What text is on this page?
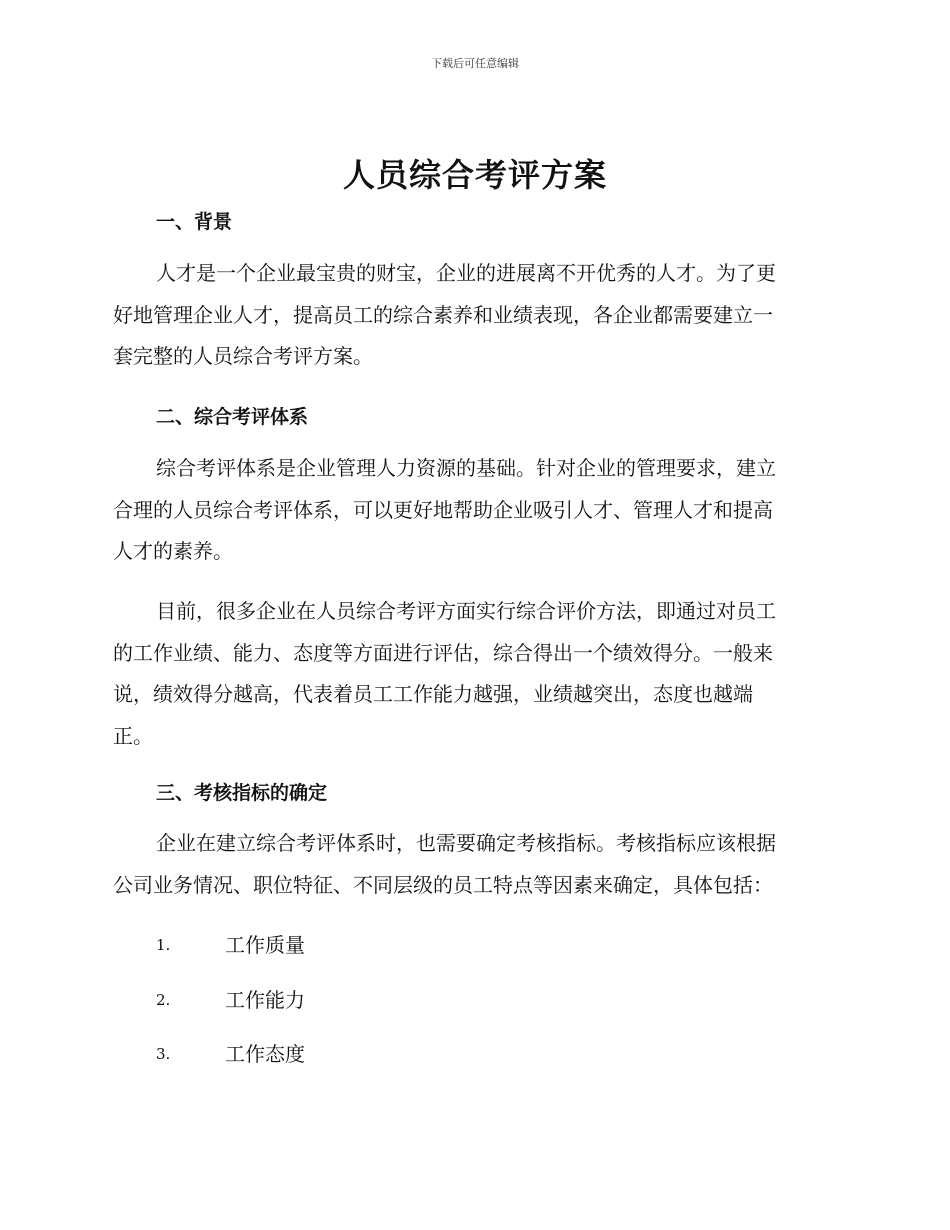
下载后可任意编辑
人员综合考评方案
一、背景
人才是一个企业最宝贵的财宝，企业的进展离不开优秀的人才。为了更
好地管理企业人才，提高员工的综合素养和业绩表现，各企业都需要建立一
套完整的人员综合考评方案。
二、综合考评体系
综合考评体系是企业管理人力资源的基础。针对企业的管理要求，建立
合理的人员综合考评体系，可以更好地帮助企业吸引人才、管理人才和提高
人才的素养。
目前，很多企业在人员综合考评方面实行综合评价方法，即通过对员工
的工作业绩、能力、态度等方面进行评估，综合得出一个绩效得分。一般来
说，绩效得分越高，代表着员工工作能力越强，业绩越突出，态度也越端
正。
三、考核指标的确定
企业在建立综合考评体系时，也需要确定考核指标。考核指标应该根据
公司业务情况、职位特征、不同层级的员工特点等因素来确定，具体包括：
1.	工作质量
2.	工作能力
3.	工作态度
